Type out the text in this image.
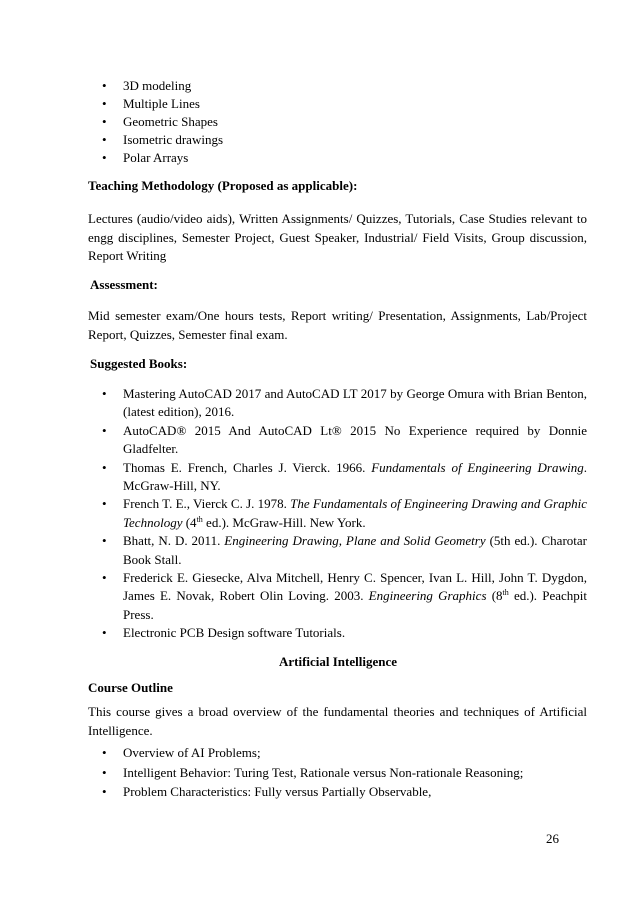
• 3D modeling
• Multiple Lines
• Geometric Shapes
• Isometric drawings
• Polar Arrays

Teaching Methodology (Proposed as applicable):

Lectures (audio/video aids), Written Assignments/ Quizzes, Tutorials, Case Studies relevant to
engg disciplines, Semester Project, Guest Speaker, Industrial/ Field Visits, Group discussion,
Report Writing

Assessment:

Mid semester exam/One hours tests, Report writing/ Presentation, Assignments, Lab/Project
Report, Quizzes, Semester final exam.

Suggested Books:

• Mastering AutoCAD 2017 and AutoCAD LT 2017 by George Omura with Brian Benton,
(latest edition), 2016.
• AutoCAD® 2015 And AutoCAD Lt® 2015 No Experience required by Donnie
Gladfelter.
• Thomas E. French, Charles J. Vierck. 1966. Fundamentals of Engineering Drawing.
McGraw-Hill, NY.
• French T. E., Vierck C. J. 1978. The Fundamentals of Engineering Drawing and Graphic
Technology (4th ed.). McGraw-Hill. New York.
• Bhatt, N. D. 2011. Engineering Drawing, Plane and Solid Geometry (5th ed.). Charotar
Book Stall.
• Frederick E. Giesecke, Alva Mitchell, Henry C. Spencer, Ivan L. Hill, John T. Dygdon,
James E. Novak, Robert Olin Loving. 2003. Engineering Graphics (8th ed.). Peachpit
Press.
• Electronic PCB Design software Tutorials.

Artificial Intelligence

Course Outline

This course gives a broad overview of the fundamental theories and techniques of Artificial
Intelligence.

• Overview of AI Problems;
• Intelligent Behavior: Turing Test, Rationale versus Non-rationale Reasoning;
• Problem Characteristics: Fully versus Partially Observable,
26
